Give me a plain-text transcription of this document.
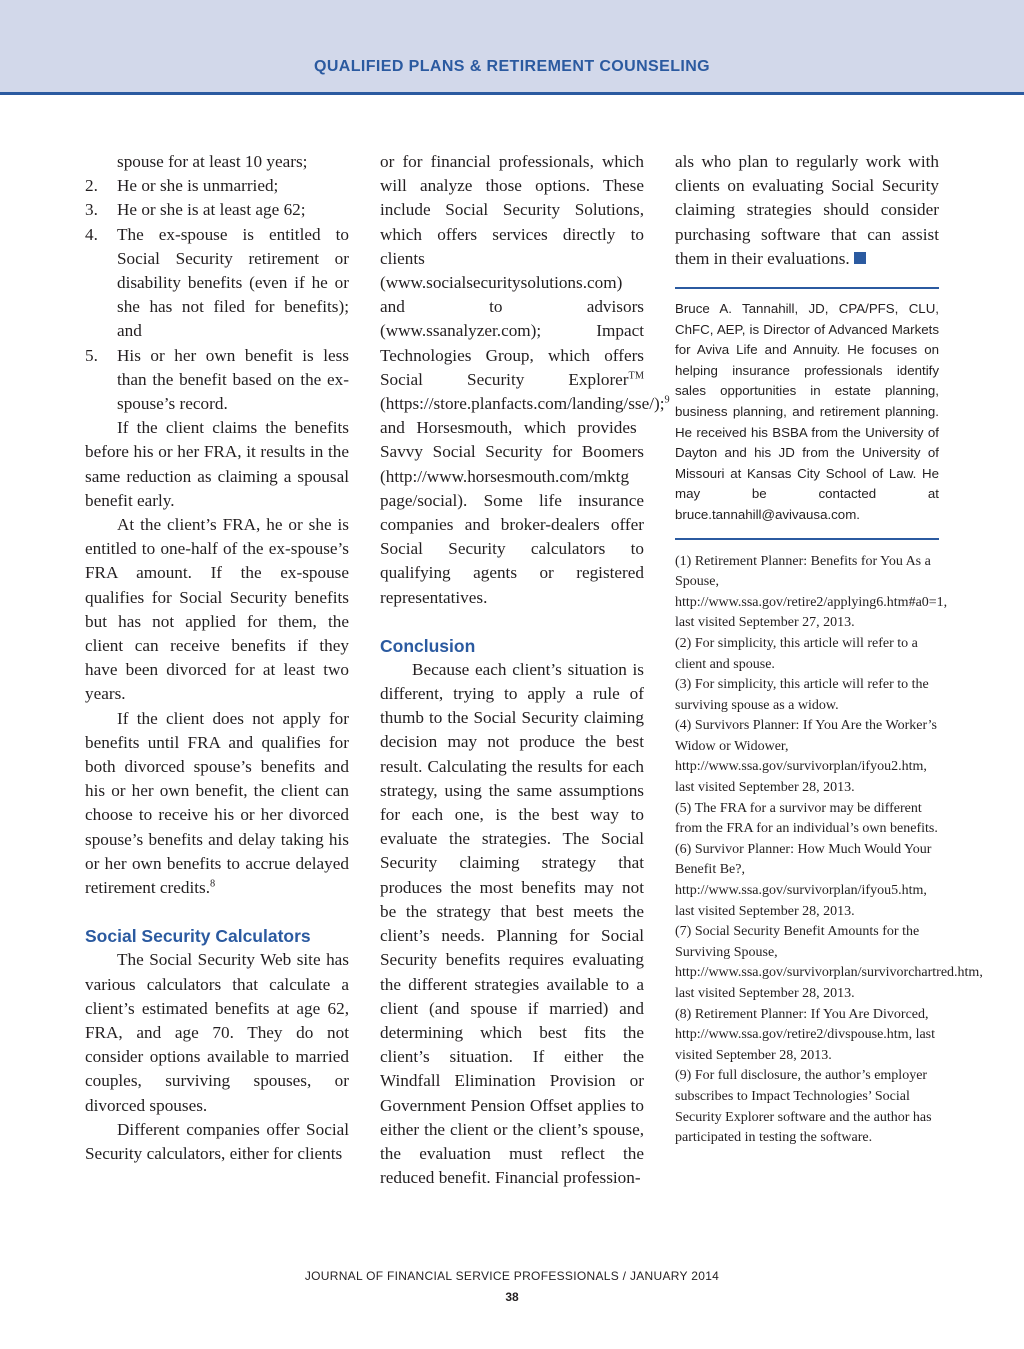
QUALIFIED PLANS & RETIREMENT COUNSELING

spouse for at least 10 years;

2. He or she is unmarried;
3. He or she is at least age 62;
4. The ex-spouse is entitled to Social Security retirement or disability benefits (even if he or she has not filed for benefits); and
5. His or her own benefit is less than the benefit based on the ex-spouse’s record.

If the client claims the benefits before his or her FRA, it results in the same reduction as claiming a spousal benefit early.

At the client’s FRA, he or she is entitled to one-half of the ex-spouse’s FRA amount. If the ex-spouse qualifies for Social Security benefits but has not applied for them, the client can receive benefits if they have been divorced for at least two years.

If the client does not apply for benefits until FRA and qualifies for both divorced spouse’s benefits and his or her own benefit, the client can choose to receive his or her divorced spouse’s benefits and delay taking his or her own benefits to accrue delayed retirement credits.$^8$

Social Security Calculators

The Social Security Web site has various calculators that calculate a client’s estimated benefits at age 62, FRA, and age 70. They do not consider options available to married couples, surviving spouses, or divorced spouses.

Different companies offer Social Security calculators, either for clients

or for financial professionals, which will analyze those options. These include Social Security Solutions, which offers services directly to clients (www.socialsecuritysolutions.com) and to advisors (www.ssanalyzer.com); Impact Technologies Group, which offers Social Security Explorer™ (https://store.planfacts.com/landing/sse/);$^9$ and Horsesmouth, which provides Savvy Social Security for Boomers (http://www.horsesmouth.com/mktg page/social). Some life insurance companies and broker-dealers offer Social Security calculators to qualifying agents or registered representatives.

Conclusion

Because each client’s situation is different, trying to apply a rule of thumb to the Social Security claiming decision may not produce the best result. Calculating the results for each strategy, using the same assumptions for each one, is the best way to evaluate the strategies. The Social Security claiming strategy that produces the most benefits may not be the strategy that best meets the client’s needs. Planning for Social Security benefits requires evaluating the different strategies available to a client (and spouse if married) and determining which best fits the client’s situation. If either the Windfall Elimination Provision or Government Pension Offset applies to either the client or the client’s spouse, the evaluation must reflect the reduced benefit. Financial profession-

als who plan to regularly work with clients on evaluating Social Security claiming strategies should consider purchasing software that can assist them in their evaluations.

Bruce A. Tannahill, JD, CPA/PFS, CLU, ChFC, AEP, is Director of Advanced Markets for Aviva Life and Annuity. He focuses on helping insurance professionals identify sales opportunities in estate planning, business planning, and retirement planning. He received his BSBA from the University of Dayton and his JD from the University of Missouri at Kansas City School of Law. He may be contacted at bruce.tannahill@avivausa.com.

(1) Retirement Planner: Benefits for You As a Spouse, http://www.ssa.gov/retire2/applying6.htm#a0=1, last visited September 27, 2013.

(2) For simplicity, this article will refer to a client and spouse.

(3) For simplicity, this article will refer to the surviving spouse as a widow.

(4) Survivors Planner: If You Are the Worker’s Widow or Widower, http://www.ssa.gov/survivorplan/ifyou2.htm, last visited September 28, 2013.

(5) The FRA for a survivor may be different from the FRA for an individual’s own benefits.

(6) Survivor Planner: How Much Would Your Benefit Be?, http://www.ssa.gov/survivorplan/ifyou5.htm, last visited September 28, 2013.

(7) Social Security Benefit Amounts for the Surviving Spouse, http://www.ssa.gov/survivorplan/survivorchartred.htm, last visited September 28, 2013.

(8) Retirement Planner: If You Are Divorced, http://www.ssa.gov/retire2/divspouse.htm, last visited September 28, 2013.

(9) For full disclosure, the author’s employer subscribes to Impact Technologies’ Social Security Explorer software and the author has participated in testing the software.

JOURNAL OF FINANCIAL SERVICE PROFESSIONALS / JANUARY 2014
38
